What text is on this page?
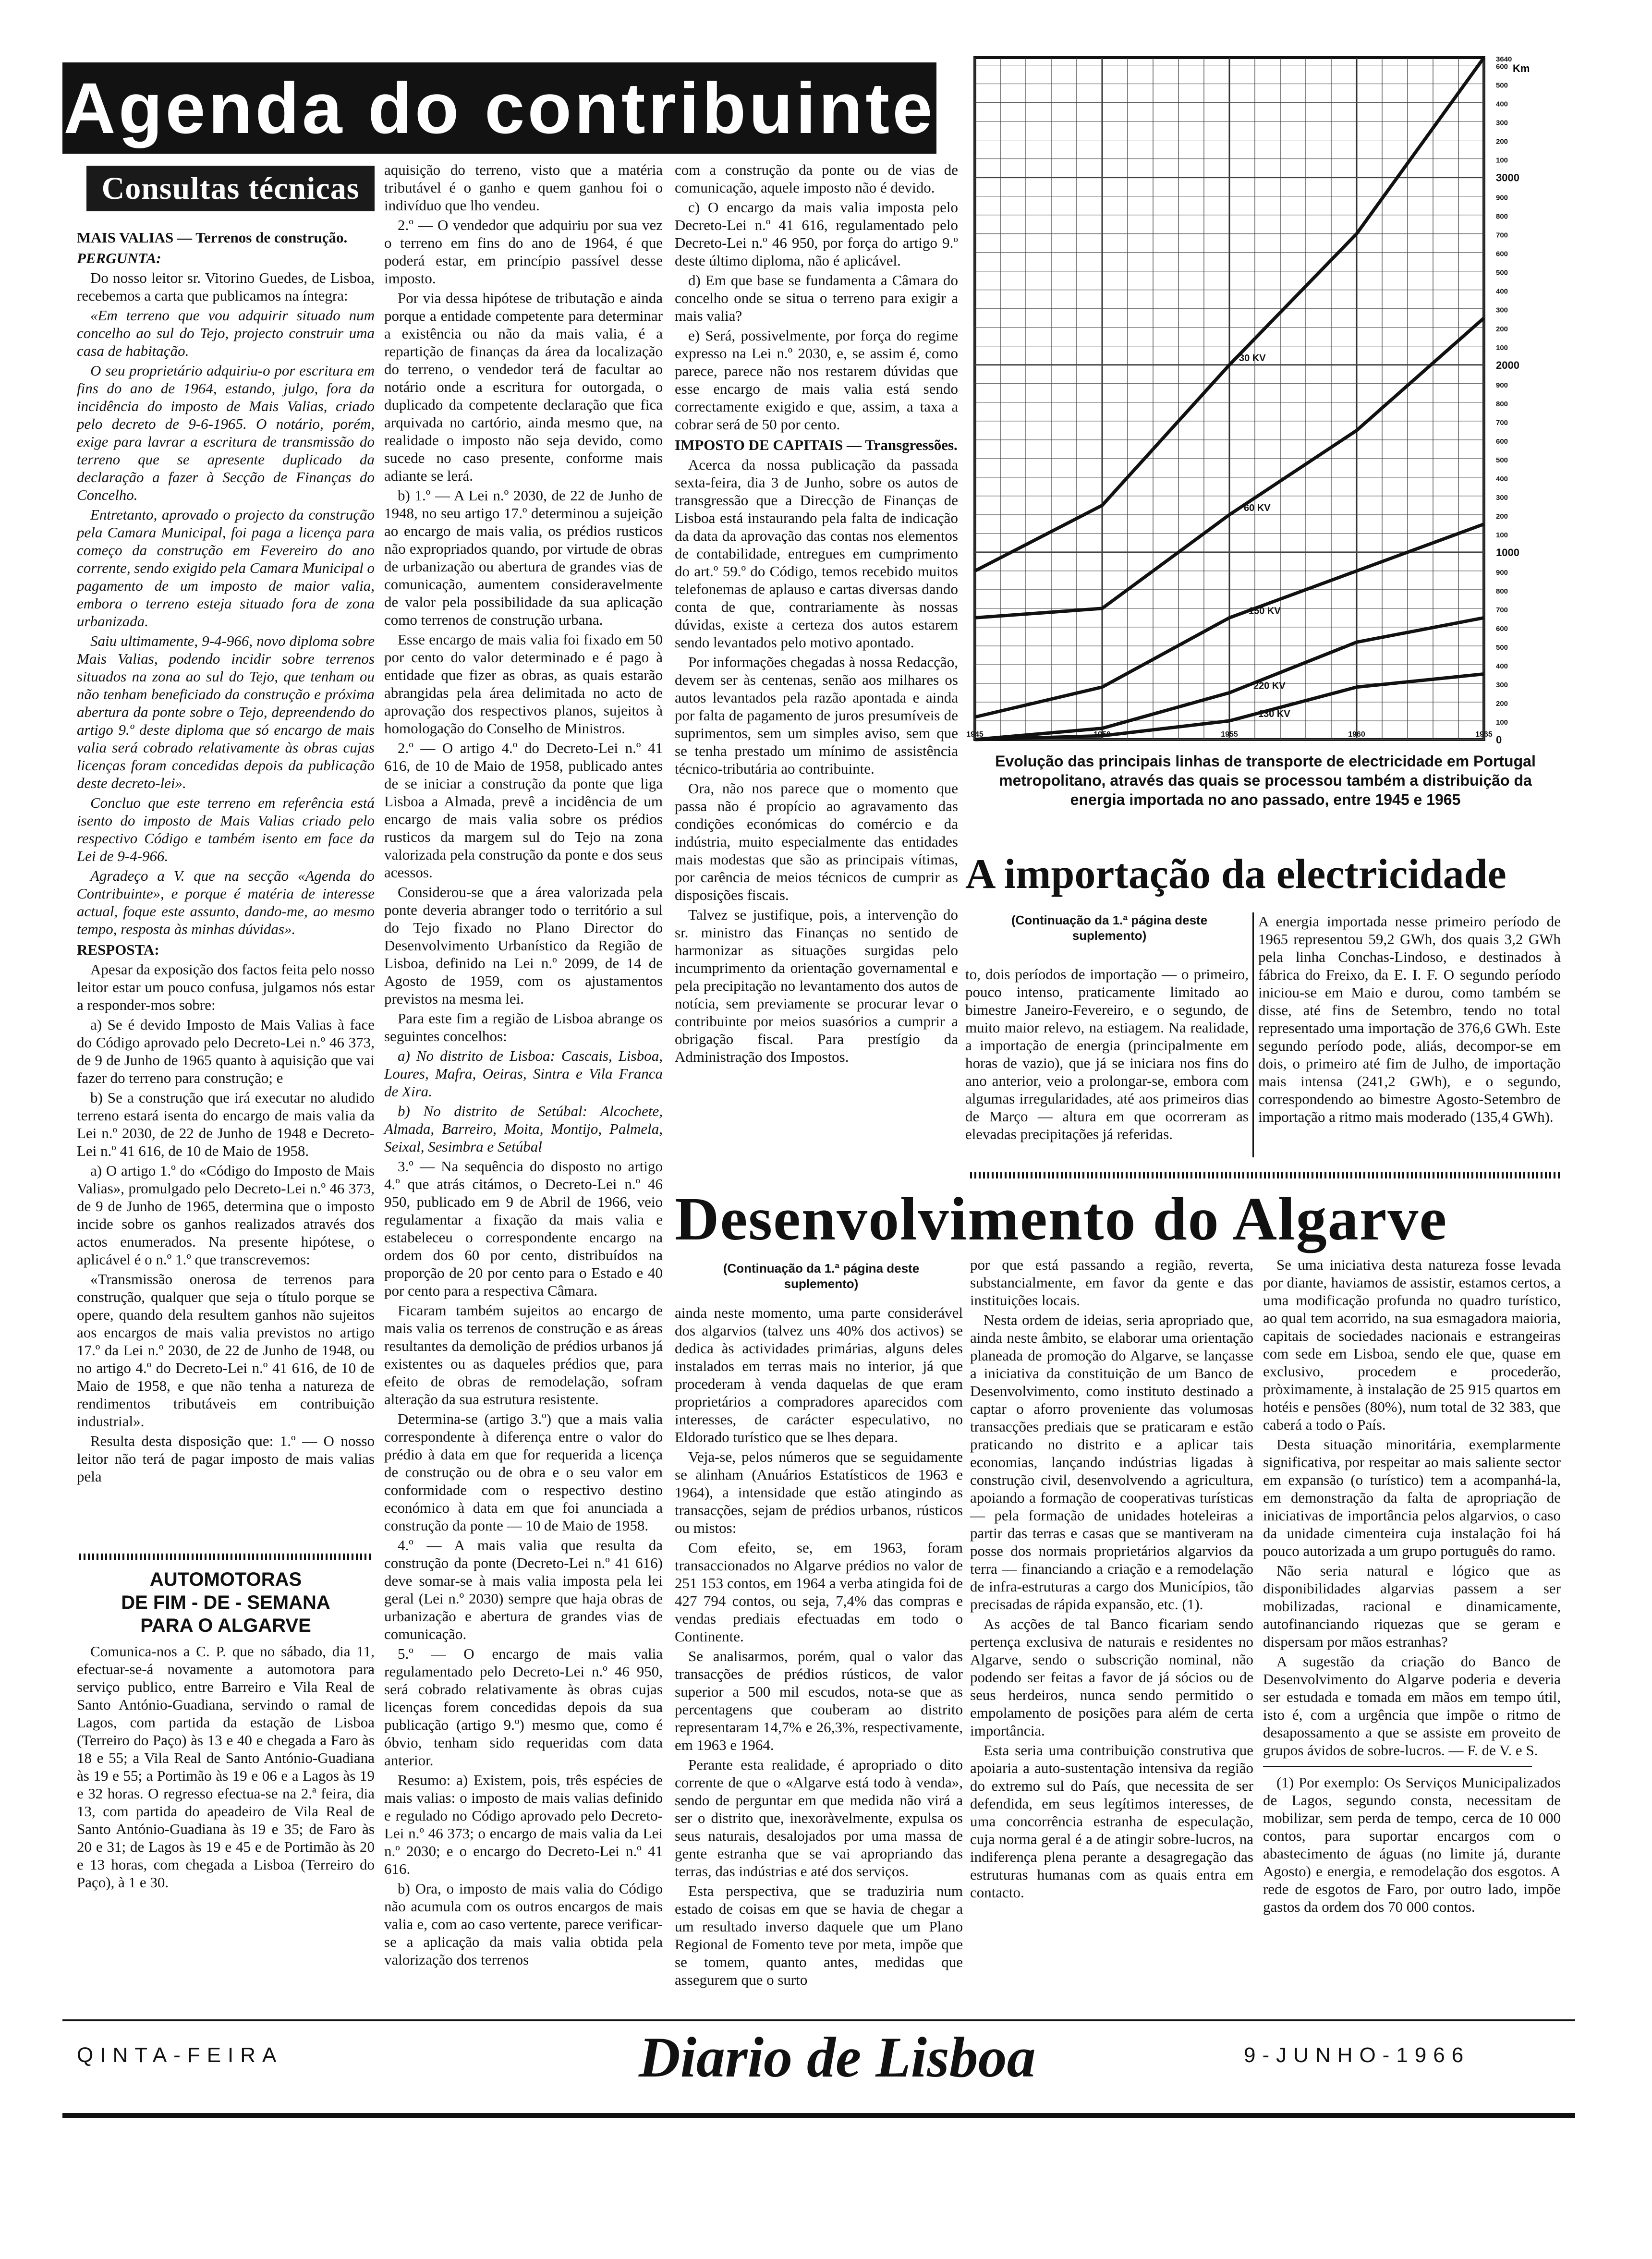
Agenda do contribuinte
Consultas técnicas

MAIS VALIAS — Terrenos de construção.

PERGUNTA:

Do nosso leitor sr. Vitorino Guedes, de Lisboa, recebemos a carta que publicamos na íntegra:

«Em terreno que vou adquirir situado num concelho ao sul do Tejo, projecto construir uma casa de habitação.

O seu proprietário adquiriu-o por escritura em fins do ano de 1964, estando, julgo, fora da incidência do imposto de Mais Valias, criado pelo decreto de 9-6-1965. O notário, porém, exige para lavrar a escritura de transmissão do terreno que se apresente duplicado da declaração a fazer à Secção de Finanças do Concelho.

Entretanto, aprovado o projecto da construção pela Camara Municipal, foi paga a licença para começo da construção em Fevereiro do ano corrente, sendo exigido pela Camara Municipal o pagamento de um imposto de maior valia, embora o terreno esteja situado fora de zona urbanizada.

Saiu ultimamente, 9-4-966, novo diploma sobre Mais Valias, podendo incidir sobre terrenos situados na zona ao sul do Tejo, que tenham ou não tenham beneficiado da construção e próxima abertura da ponte sobre o Tejo, depreendendo do artigo 9.º deste diploma que só encargo de mais valia será cobrado relativamente às obras cujas licenças foram concedidas depois da publicação deste decreto-lei».

Concluo que este terreno em referência está isento do imposto de Mais Valias criado pelo respectivo Código e também isento em face da Lei de 9-4-966.

Agradeço a V. que na secção «Agenda do Contribuinte», e porque é matéria de interesse actual, foque este assunto, dando-me, ao mesmo tempo, resposta às minhas dúvidas».

RESPOSTA:

Apesar da exposição dos factos feita pelo nosso leitor estar um pouco confusa, julgamos nós estar a responder-mos sobre:

a) Se é devido Imposto de Mais Valias à face do Código aprovado pelo Decreto-Lei n.º 46 373, de 9 de Junho de 1965 quanto à aquisição que vai fazer do terreno para construção; e

b) Se a construção que irá executar no aludido terreno estará isenta do encargo de mais valia da Lei n.º 2030, de 22 de Junho de 1948 e Decreto-Lei n.º 41 616, de 10 de Maio de 1958.

a) O artigo 1.º do «Código do Imposto de Mais Valias», promulgado pelo Decreto-Lei n.º 46 373, de 9 de Junho de 1965, determina que o imposto incide sobre os ganhos realizados através dos actos enumerados. Na presente hipótese, o aplicável é o n.º 1.º que transcrevemos:

«Transmissão onerosa de terrenos para construção, qualquer que seja o título porque se opere, quando dela resultem ganhos não sujeitos aos encargos de mais valia previstos no artigo 17.º da Lei n.º 2030, de 22 de Junho de 1948, ou no artigo 4.º do Decreto-Lei n.º 41 616, de 10 de Maio de 1958, e que não tenha a natureza de rendimentos tributáveis em contribuição industrial».

Resulta desta disposição que: 1.º — O nosso leitor não terá de pagar imposto de mais valias pela

AUTOMOTORAS
DE FIM - DE - SEMANA
PARA O ALGARVE

Comunica-nos a C. P. que no sábado, dia 11, efectuar-se-á novamente a automotora para serviço publico, entre Barreiro e Vila Real de Santo António-Guadiana, servindo o ramal de Lagos, com partida da estação de Lisboa (Terreiro do Paço) às 13 e 40 e chegada a Faro às 18 e 55; a Vila Real de Santo António-Guadiana às 19 e 55; a Portimão às 19 e 06 e a Lagos às 19 e 32 horas. O regresso efectua-se na 2.ª feira, dia 13, com partida do apeadeiro de Vila Real de Santo António-Guadiana às 19 e 35; de Faro às 20 e 31; de Lagos às 19 e 45 e de Portimão às 20 e 13 horas, com chegada a Lisboa (Terreiro do Paço), à 1 e 30.

aquisição do terreno, visto que a matéria tributável é o ganho e quem ganhou foi o indivíduo que lho vendeu.

2.º — O vendedor que adquiriu por sua vez o terreno em fins do ano de 1964, é que poderá estar, em princípio passível desse imposto.

Por via dessa hipótese de tributação e ainda porque a entidade competente para determinar a existência ou não da mais valia, é a repartição de finanças da área da localização do terreno, o vendedor terá de facultar ao notário onde a escritura for outorgada, o duplicado da competente declaração que fica arquivada no cartório, ainda mesmo que, na realidade o imposto não seja devido, como sucede no caso presente, conforme mais adiante se lerá.

b) 1.º — A Lei n.º 2030, de 22 de Junho de 1948, no seu artigo 17.º determinou a sujeição ao encargo de mais valia, os prédios rusticos não expropriados quando, por virtude de obras de urbanização ou abertura de grandes vias de comunicação, aumentem consideravelmente de valor pela possibilidade da sua aplicação como terrenos de construção urbana.

Esse encargo de mais valia foi fixado em 50 por cento do valor determinado e é pago à entidade que fizer as obras, as quais estarão abrangidas pela área delimitada no acto de aprovação dos respectivos planos, sujeitos à homologação do Conselho de Ministros.

2.º — O artigo 4.º do Decreto-Lei n.º 41 616, de 10 de Maio de 1958, publicado antes de se iniciar a construção da ponte que liga Lisboa a Almada, prevê a incidência de um encargo de mais valia sobre os prédios rusticos da margem sul do Tejo na zona valorizada pela construção da ponte e dos seus acessos.

Considerou-se que a área valorizada pela ponte deveria abranger todo o território a sul do Tejo fixado no Plano Director do Desenvolvimento Urbanístico da Região de Lisboa, definido na Lei n.º 2099, de 14 de Agosto de 1959, com os ajustamentos previstos na mesma lei.

Para este fim a região de Lisboa abrange os seguintes concelhos:

a) No distrito de Lisboa: Cascais, Lisboa, Loures, Mafra, Oeiras, Sintra e Vila Franca de Xira.

b) No distrito de Setúbal: Alcochete, Almada, Barreiro, Moita, Montijo, Palmela, Seixal, Sesimbra e Setúbal

3.º — Na sequência do disposto no artigo 4.º que atrás citámos, o Decreto-Lei n.º 46 950, publicado em 9 de Abril de 1966, veio regulamentar a fixação da mais valia e estabeleceu o correspondente encargo na ordem dos 60 por cento, distribuídos na proporção de 20 por cento para o Estado e 40 por cento para a respectiva Câmara.

Ficaram também sujeitos ao encargo de mais valia os terrenos de construção e as áreas resultantes da demolição de prédios urbanos já existentes ou as daqueles prédios que, para efeito de obras de remodelação, sofram alteração da sua estrutura resistente.

Determina-se (artigo 3.º) que a mais valia correspondente à diferença entre o valor do prédio à data em que for requerida a licença de construção ou de obra e o seu valor em conformidade com o respectivo destino económico à data em que foi anunciada a construção da ponte — 10 de Maio de 1958.

4.º — A mais valia que resulta da construção da ponte (Decreto-Lei n.º 41 616) deve somar-se à mais valia imposta pela lei geral (Lei n.º 2030) sempre que haja obras de urbanização e abertura de grandes vias de comunicação.

5.º — O encargo de mais valia regulamentado pelo Decreto-Lei n.º 46 950, será cobrado relativamente às obras cujas licenças forem concedidas depois da sua publicação (artigo 9.º) mesmo que, como é óbvio, tenham sido requeridas com data anterior.

Resumo: a) Existem, pois, três espécies de mais valias: o imposto de mais valias definido e regulado no Código aprovado pelo Decreto-Lei n.º 46 373; o encargo de mais valia da Lei n.º 2030; e o encargo do Decreto-Lei n.º 41 616.

b) Ora, o imposto de mais valia do Código não acumula com os outros encargos de mais valia e, com ao caso vertente, parece verificar-se a aplicação da mais valia obtida pela valorização dos terrenos

com a construção da ponte ou de vias de comunicação, aquele imposto não é devido.

c) O encargo da mais valia imposta pelo Decreto-Lei n.º 41 616, regulamentado pelo Decreto-Lei n.º 46 950, por força do artigo 9.º deste último diploma, não é aplicável.

d) Em que base se fundamenta a Câmara do concelho onde se situa o terreno para exigir a mais valia?

e) Será, possivelmente, por força do regime expresso na Lei n.º 2030, e, se assim é, como parece, parece não nos restarem dúvidas que esse encargo de mais valia está sendo correctamente exigido e que, assim, a taxa a cobrar será de 50 por cento.

IMPOSTO DE CAPITAIS — Transgressões.

Acerca da nossa publicação da passada sexta-feira, dia 3 de Junho, sobre os autos de transgressão que a Direcção de Finanças de Lisboa está instaurando pela falta de indicação da data da aprovação das contas nos elementos de contabilidade, entregues em cumprimento do art.º 59.º do Código, temos recebido muitos telefonemas de aplauso e cartas diversas dando conta de que, contrariamente às nossas dúvidas, existe a certeza dos autos estarem sendo levantados pelo motivo apontado.

Por informações chegadas à nossa Redacção, devem ser às centenas, senão aos milhares os autos levantados pela razão apontada e ainda por falta de pagamento de juros presumíveis de suprimentos, sem um simples aviso, sem que se tenha prestado um mínimo de assistência técnico-tributária ao contribuinte.

Ora, não nos parece que o momento que passa não é propício ao agravamento das condições económicas do comércio e da indústria, muito especialmente das entidades mais modestas que são as principais vítimas, por carência de meios técnicos de cumprir as disposições fiscais.

Talvez se justifique, pois, a intervenção do sr. ministro das Finanças no sentido de harmonizar as situações surgidas pelo incumprimento da orientação governamental e pela precipitação no levantamento dos autos de notícia, sem previamente se procurar levar o contribuinte por meios suasórios a cumprir a obrigação fiscal. Para prestígio da Administração dos Impostos.

Km
0
100
200
300
400
500
600
700
800
900
1000
100
200
300
400
500
600
700
800
900
2000
100
200
300
400
500
600
700
800
900
3000
100
200
300
400
500
600
3640
1945	1950	1955	1960	1965
30 KV
60 KV
150 KV
220 KV
130 KV
Evolução das principais linhas de transporte de electricidade em Portugal metropolitano, através das quais se processou também a distribuição da energia importada no ano passado, entre 1945 e 1965
A importação da electricidade
(Continuação da 1.ª página deste suplemento)

to, dois períodos de importação — o primeiro, pouco intenso, praticamente limitado ao bimestre Janeiro-Fevereiro, e o segundo, de muito maior relevo, na estiagem. Na realidade, a importação de energia (principalmente em horas de vazio), que já se iniciara nos fins do ano anterior, veio a prolongar-se, embora com algumas irregularidades, até aos primeiros dias de Março — altura em que ocorreram as elevadas precipitações já referidas.

A energia importada nesse primeiro período de 1965 representou 59,2 GWh, dos quais 3,2 GWh pela linha Conchas-Lindoso, e destinados à fábrica do Freixo, da E. I. F. O segundo período iniciou-se em Maio e durou, como também se disse, até fins de Setembro, tendo no total representado uma importação de 376,6 GWh. Este segundo período pode, aliás, decompor-se em dois, o primeiro até fim de Julho, de importação mais intensa (241,2 GWh), e o segundo, correspondendo ao bimestre Agosto-Setembro de importação a ritmo mais moderado (135,4 GWh).

Desenvolvimento do Algarve
(Continuação da 1.ª página deste suplemento)

ainda neste momento, uma parte considerável dos algarvios (talvez uns 40% dos activos) se dedica às actividades primárias, alguns deles instalados em terras mais no interior, já que procederam à venda daquelas de que eram proprietários a compradores aparecidos com interesses, de carácter especulativo, no Eldorado turístico que se lhes depara.

Veja-se, pelos números que se seguidamente se alinham (Anuários Estatísticos de 1963 e 1964), a intensidade que estão atingindo as transacções, sejam de prédios urbanos, rústicos ou mistos:

Com efeito, se, em 1963, foram transaccionados no Algarve prédios no valor de 251 153 contos, em 1964 a verba atingida foi de 427 794 contos, ou seja, 7,4% das compras e vendas prediais efectuadas em todo o Continente.

Se analisarmos, porém, qual o valor das transacções de prédios rústicos, de valor superior a 500 mil escudos, nota-se que as percentagens que couberam ao distrito representaram 14,7% e 26,3%, respectivamente, em 1963 e 1964.

Perante esta realidade, é apropriado o dito corrente de que o «Algarve está todo à venda», sendo de perguntar em que medida não virá a ser o distrito que, inexoràvelmente, expulsa os seus naturais, desalojados por uma massa de gente estranha que se vai apropriando das terras, das indústrias e até dos serviços.

Esta perspectiva, que se traduziria num estado de coisas em que se havia de chegar a um resultado inverso daquele que um Plano Regional de Fomento teve por meta, impõe que se tomem, quanto antes, medidas que assegurem que o surto

por que está passando a região, reverta, substancialmente, em favor da gente e das instituições locais.

Nesta ordem de ideias, seria apropriado que, ainda neste âmbito, se elaborar uma orientação planeada de promoção do Algarve, se lançasse a iniciativa da constituição de um Banco de Desenvolvimento, como instituto destinado a captar o aforro proveniente das volumosas transacções prediais que se praticaram e estão praticando no distrito e a aplicar tais economias, lançando indústrias ligadas à construção civil, desenvolvendo a agricultura, apoiando a formação de cooperativas turísticas — pela formação de unidades hoteleiras a partir das terras e casas que se mantiveram na posse dos normais proprietários algarvios da terra — financiando a criação e a remodelação de infra-estruturas a cargo dos Municípios, tão precisadas de rápida expansão, etc. (1).

As acções de tal Banco ficariam sendo pertença exclusiva de naturais e residentes no Algarve, sendo o subscrição nominal, não podendo ser feitas a favor de já sócios ou de seus herdeiros, nunca sendo permitido o empolamento de posições para além de certa importância.

Esta seria uma contribuição construtiva que apoiaria a auto-sustentação intensiva da região do extremo sul do País, que necessita de ser defendida, em seus legítimos interesses, de uma concorrência estranha de especulação, cuja norma geral é a de atingir sobre-lucros, na indiferença plena perante a desagregação das estruturas humanas com as quais entra em contacto.

Se uma iniciativa desta natureza fosse levada por diante, haviamos de assistir, estamos certos, a uma modificação profunda no quadro turístico, ao qual tem acorrido, na sua esmagadora maioria, capitais de sociedades nacionais e estrangeiras com sede em Lisboa, sendo ele que, quase em exclusivo, procedem e procederão, pròximamente, à instalação de 25 915 quartos em hotéis e pensões (80%), num total de 32 383, que caberá a todo o País.

Desta situação minoritária, exemplarmente significativa, por respeitar ao mais saliente sector em expansão (o turístico) tem a acompanhá-la, em demonstração da falta de apropriação de iniciativas de importância pelos algarvios, o caso da unidade cimenteira cuja instalação foi há pouco autorizada a um grupo português do ramo.

Não seria natural e lógico que as disponibilidades algarvias passem a ser mobilizadas, racional e dinamicamente, autofinanciando riquezas que se geram e dispersam por mãos estranhas?

A sugestão da criação do Banco de Desenvolvimento do Algarve poderia e deveria ser estudada e tomada em mãos em tempo útil, isto é, com a urgência que impõe o ritmo de desapossamento a que se assiste em proveito de grupos ávidos de sobre-lucros. — F. de V. e S.

(1) Por exemplo: Os Serviços Municipalizados de Lagos, segundo consta, necessitam de mobilizar, sem perda de tempo, cerca de 10 000 contos, para suportar encargos com o abastecimento de águas (no limite já, durante Agosto) e energia, e remodelação dos esgotos. A rede de esgotos de Faro, por outro lado, impõe gastos da ordem dos 70 000 contos.

QINTA-FEIRA	Diario de Lisboa	9-JUNHO-1966
